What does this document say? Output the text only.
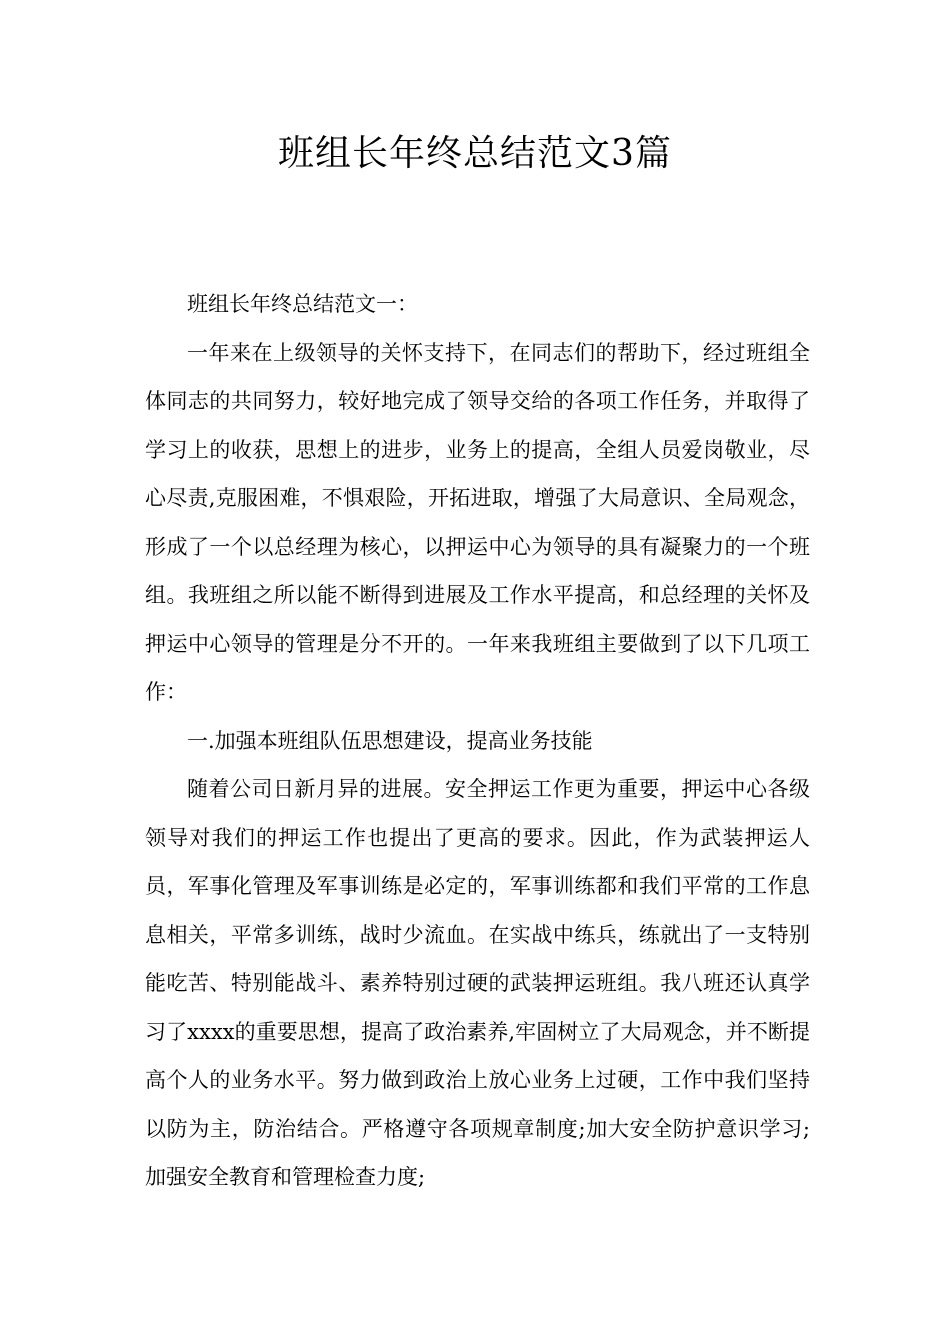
班组长年终总结范文3篇

班组长年终总结范文一：

一年来在上级领导的关怀支持下，在同志们的帮助下，经过班组全体同志的共同努力，较好地完成了领导交给的各项工作任务，并取得了学习上的收获，思想上的进步，业务上的提高，全组人员爱岗敬业，尽心尽责,克服困难，不惧艰险，开拓进取，增强了大局意识、全局观念，形成了一个以总经理为核心，以押运中心为领导的具有凝聚力的一个班组。我班组之所以能不断得到进展及工作水平提高，和总经理的关怀及押运中心领导的管理是分不开的。一年来我班组主要做到了以下几项工作：

一.加强本班组队伍思想建设，提高业务技能

随着公司日新月异的进展。安全押运工作更为重要，押运中心各级领导对我们的押运工作也提出了更高的要求。因此，作为武装押运人员，军事化管理及军事训练是必定的，军事训练都和我们平常的工作息息相关，平常多训练，战时少流血。在实战中练兵，练就出了一支特别能吃苦、特别能战斗、素养特别过硬的武装押运班组。我八班还认真学习了xxxx的重要思想，提高了政治素养,牢固树立了大局观念，并不断提高个人的业务水平。努力做到政治上放心业务上过硬，工作中我们坚持以防为主，防治结合。严格遵守各项规章制度;加大安全防护意识学习;加强安全教育和管理检查力度;
